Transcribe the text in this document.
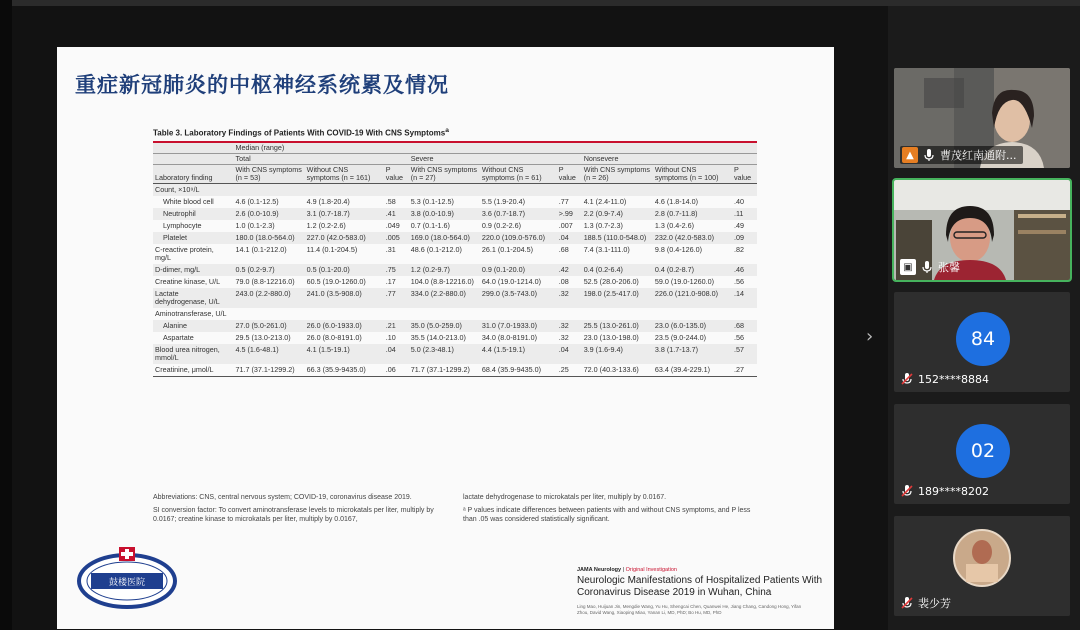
重症新冠肺炎的中枢神经系统累及情况
Table 3. Laboratory Findings of Patients With COVID-19 With CNS Symptoms$^a$
	Median (range)								
	Total			Severe			Nonsevere		
Laboratory finding	With CNS symptoms (n = 53)	Without CNS symptoms (n = 161)	P value	With CNS symptoms (n = 27)	Without CNS symptoms (n = 61)	P value	With CNS symptoms (n = 26)	Without CNS symptoms (n = 100)	P value
Count, ×10⁹/L									
White blood cell	4.6 (0.1-12.5)	4.9 (1.8-20.4)	.58	5.3 (0.1-12.5)	5.5 (1.9-20.4)	.77	4.1 (2.4-11.0)	4.6 (1.8-14.0)	.40
Neutrophil	2.6 (0.0-10.9)	3.1 (0.7-18.7)	.41	3.8 (0.0-10.9)	3.6 (0.7-18.7)	>.99	2.2 (0.9-7.4)	2.8 (0.7-11.8)	.11
Lymphocyte	1.0 (0.1-2.3)	1.2 (0.2-2.6)	.049	0.7 (0.1-1.6)	0.9 (0.2-2.6)	.007	1.3 (0.7-2.3)	1.3 (0.4-2.6)	.49
Platelet	180.0 (18.0-564.0)	227.0 (42.0-583.0)	.005	169.0 (18.0-564.0)	220.0 (109.0-576.0)	.04	188.5 (110.0-548.0)	232.0 (42.0-583.0)	.09
C-reactive protein, mg/L	14.1 (0.1-212.0)	11.4 (0.1-204.5)	.31	48.6 (0.1-212.0)	26.1 (0.1-204.5)	.68	7.4 (3.1-111.0)	9.8 (0.4-126.0)	.82
D-dimer, mg/L	0.5 (0.2-9.7)	0.5 (0.1-20.0)	.75	1.2 (0.2-9.7)	0.9 (0.1-20.0)	.42	0.4 (0.2-6.4)	0.4 (0.2-8.7)	.46
Creatine kinase, U/L	79.0 (8.8-12216.0)	60.5 (19.0-1260.0)	.17	104.0 (8.8-12216.0)	64.0 (19.0-1214.0)	.08	52.5 (28.0-206.0)	59.0 (19.0-1260.0)	.56
Lactate dehydrogenase, U/L	243.0 (2.2-880.0)	241.0 (3.5-908.0)	.77	334.0 (2.2-880.0)	299.0 (3.5-743.0)	.32	198.0 (2.5-417.0)	226.0 (121.0-908.0)	.14
Aminotransferase, U/L									
Alanine	27.0 (5.0-261.0)	26.0 (6.0-1933.0)	.21	35.0 (5.0-259.0)	31.0 (7.0-1933.0)	.32	25.5 (13.0-261.0)	23.0 (6.0-135.0)	.68
Aspartate	29.5 (13.0-213.0)	26.0 (8.0-8191.0)	.10	35.5 (14.0-213.0)	34.0 (8.0-8191.0)	.32	23.0 (13.0-198.0)	23.5 (9.0-244.0)	.56
Blood urea nitrogen, mmol/L	4.5 (1.6-48.1)	4.1 (1.5-19.1)	.04	5.0 (2.3-48.1)	4.4 (1.5-19.1)	.04	3.9 (1.6-9.4)	3.8 (1.7-13.7)	.57
Creatinine, μmol/L	71.7 (37.1-1299.2)	66.3 (35.9-9435.0)	.06	71.7 (37.1-1299.2)	68.4 (35.9-9435.0)	.25	72.0 (40.3-133.6)	63.4 (39.4-229.1)	.27
Abbreviations: CNS, central nervous system; COVID-19, coronavirus disease 2019.
SI conversion factor: To convert aminotransferase levels to microkatals per liter, multiply by 0.0167; creatine kinase to microkatals per liter, multiply by 0.0167,
lactate dehydrogenase to microkatals per liter, multiply by 0.0167.
ᵃ P values indicate differences between patients with and without CNS symptoms, and P less than .05 was considered statistically significant.
鼓楼医院
JAMA Neurology | Original Investigation
Neurologic Manifestations of Hospitalized Patients With Coronavirus Disease 2019 in Wuhan, China
Ling Mao, Huijuan Jin, Mengdie Wang, Yu Hu, Shengcai Chen, Quanwei He, Jiang Chang, Candong Hong, Yifan Zhou, David Wang, Xiaoping Miao, Yanan Li, MD, PhD; Bo Hu, MD, PhD
›
▲	曹茂红南通附...
▣ 张馨
84
152****8884
02
189****8202
裴少芳
